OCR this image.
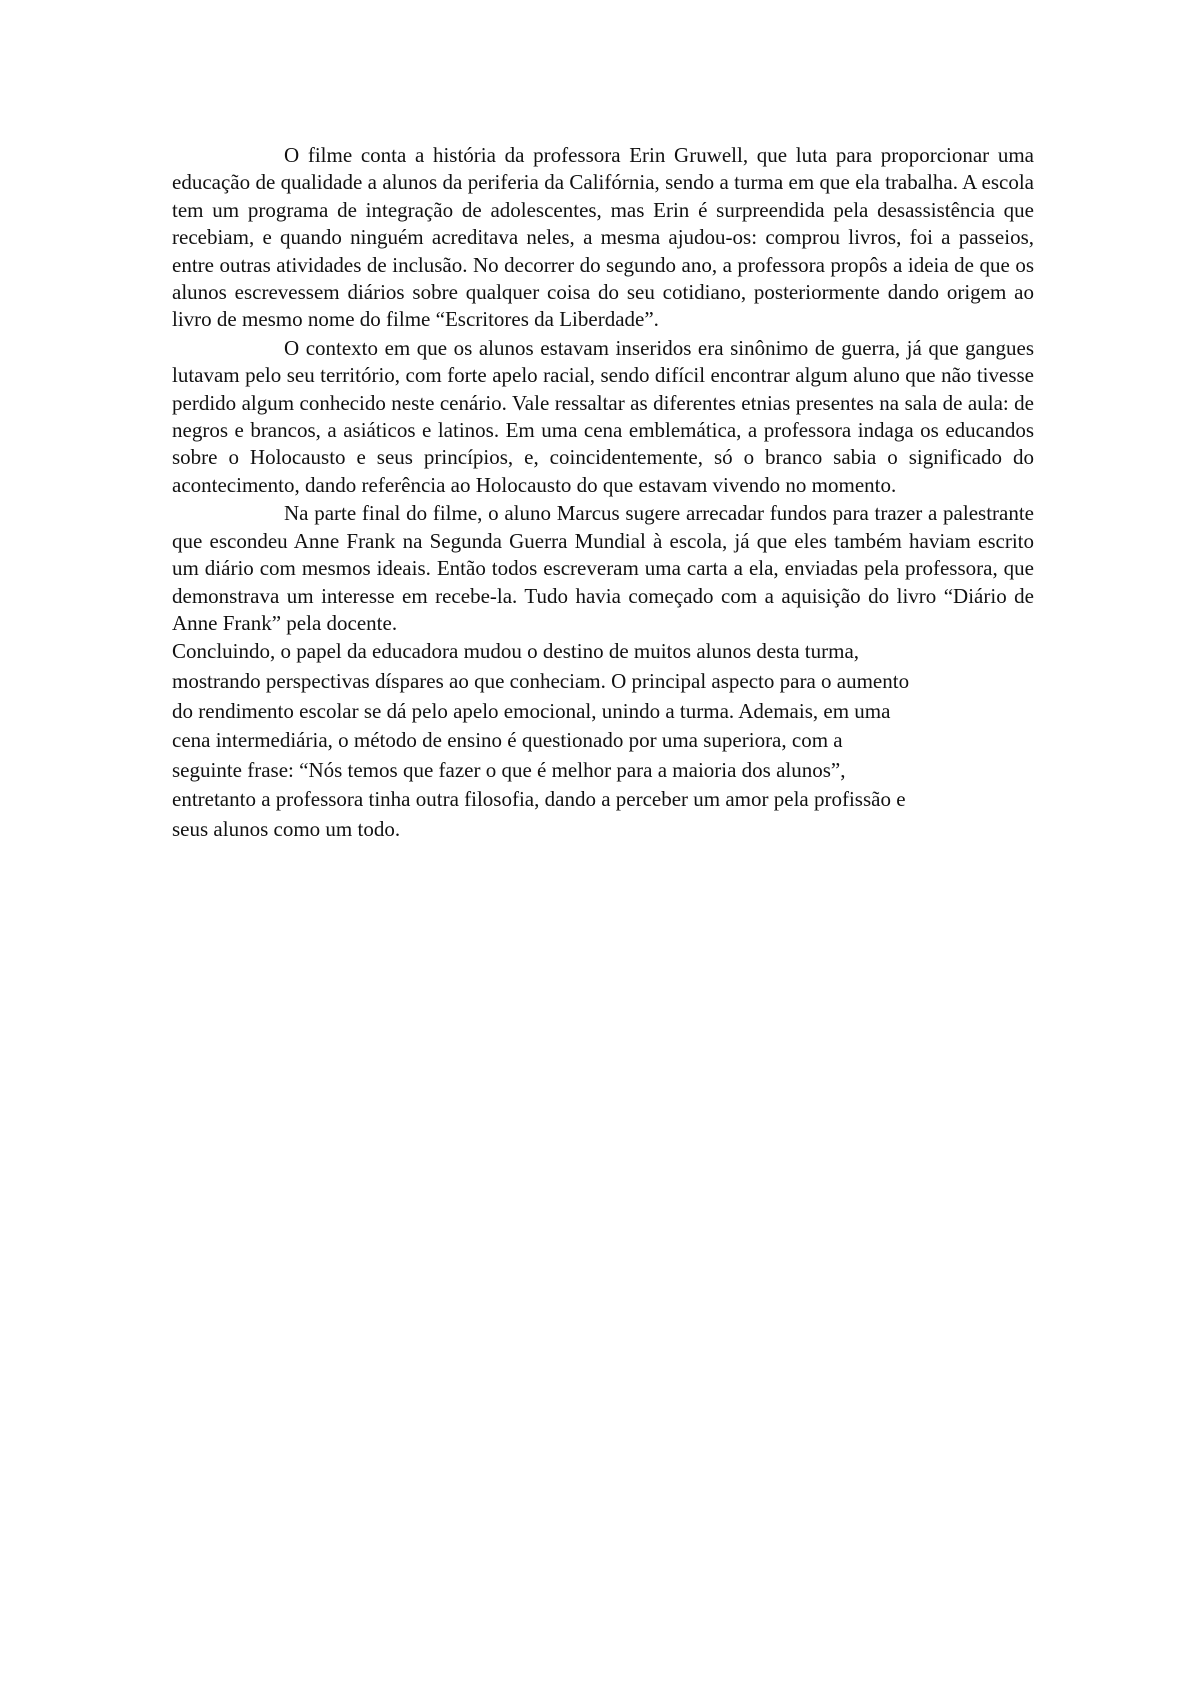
O filme conta a história da professora Erin Gruwell, que luta para proporcionar uma educação de qualidade a alunos da periferia da Califórnia, sendo a turma em que ela trabalha. A escola tem um programa de integração de adolescentes, mas Erin é surpreendida pela desassistência que recebiam, e quando ninguém acreditava neles, a mesma ajudou-os: comprou livros, foi a passeios, entre outras atividades de inclusão. No decorrer do segundo ano, a professora propôs a ideia de que os alunos escrevessem diários sobre qualquer coisa do seu cotidiano, posteriormente dando origem ao livro de mesmo nome do filme “Escritores da Liberdade”.

O contexto em que os alunos estavam inseridos era sinônimo de guerra, já que gangues lutavam pelo seu território, com forte apelo racial, sendo difícil encontrar algum aluno que não tivesse perdido algum conhecido neste cenário. Vale ressaltar as diferentes etnias presentes na sala de aula: de negros e brancos, a asiáticos e latinos. Em uma cena emblemática, a professora indaga os educandos sobre o Holocausto e seus princípios, e, coincidentemente, só o branco sabia o significado do acontecimento, dando referência ao Holocausto do que estavam vivendo no momento.

Na parte final do filme, o aluno Marcus sugere arrecadar fundos para trazer a palestrante que escondeu Anne Frank na Segunda Guerra Mundial à escola, já que eles também haviam escrito um diário com mesmos ideais. Então todos escreveram uma carta a ela, enviadas pela professora, que demonstrava um interesse em recebe-la. Tudo havia começado com a aquisição do livro “Diário de Anne Frank” pela docente.

Concluindo, o papel da educadora mudou o destino de muitos alunos desta turma,
mostrando perspectivas díspares ao que conheciam. O principal aspecto para o aumento
do rendimento escolar se dá pelo apelo emocional, unindo a turma. Ademais, em uma
cena intermediária, o método de ensino é questionado por uma superiora, com a
seguinte frase: “Nós temos que fazer o que é melhor para a maioria dos alunos”,
entretanto a professora tinha outra filosofia, dando a perceber um amor pela profissão e
seus alunos como um todo.
